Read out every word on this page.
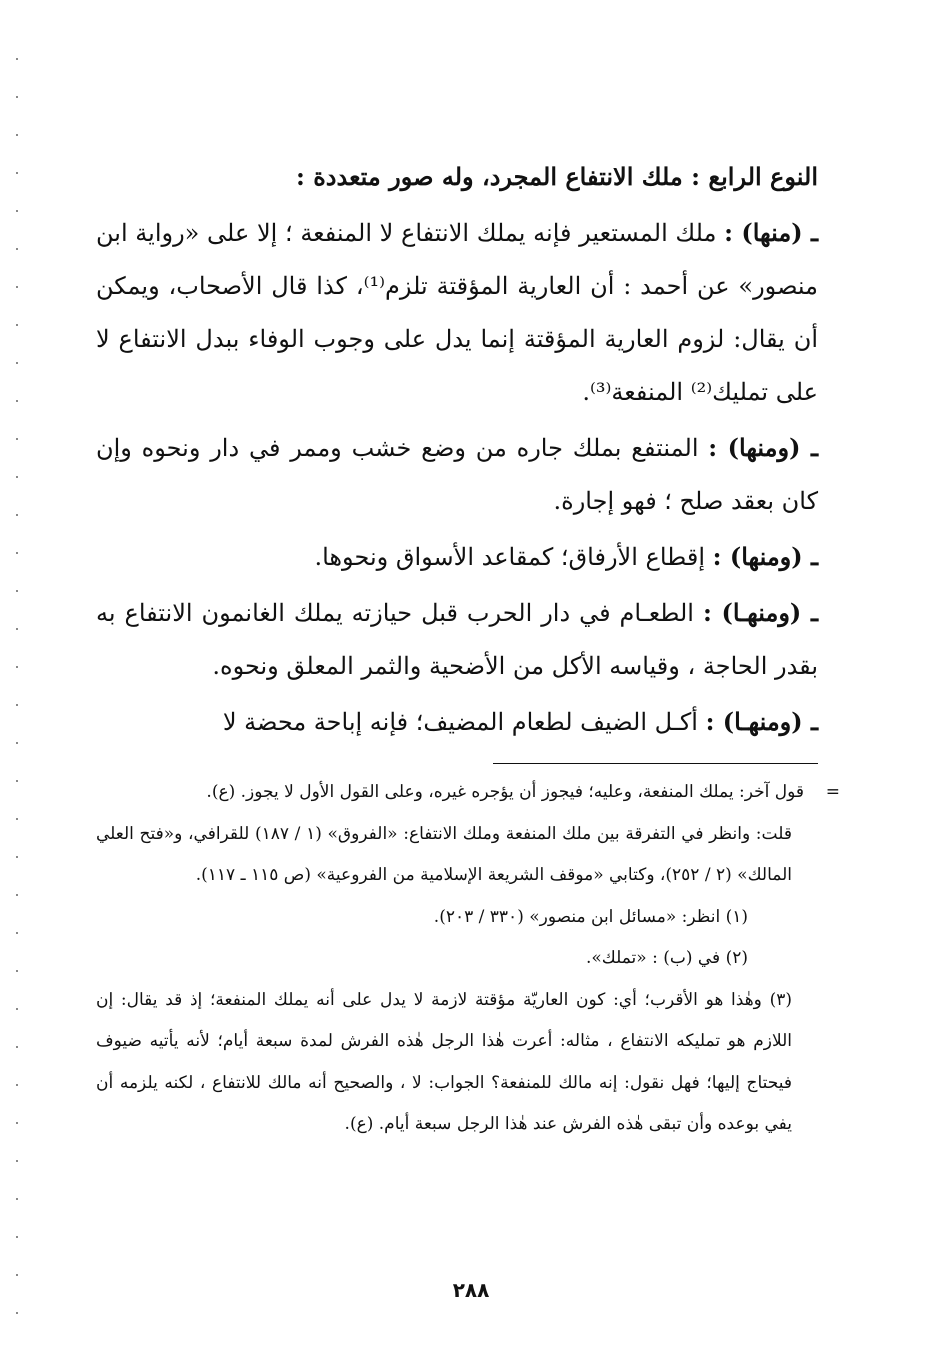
النوع الرابع : ملك الانتفاع المجرد، وله صور متعددة :

ـ (منها) : ملك المستعير فإنه يملك الانتفاع لا المنفعة ؛ إلا على «رواية ابن منصور» عن أحمد : أن العارية المؤقتة تلزم⁽¹⁾، كذا قال الأصحاب، ويمكن أن يقال: لزوم العارية المؤقتة إنما يدل على وجوب الوفاء ببدل الانتفاع لا على تمليك⁽²⁾ المنفعة⁽³⁾.

ـ (ومنها) : المنتفع بملك جاره من وضع خشب وممر في دار ونحوه وإن كان بعقد صلح ؛ فهو إجارة.

ـ (ومنها) : إقطاع الأرفاق؛ كمقاعد الأسواق ونحوها.

ـ (ومنهـا) : الطعـام في دار الحرب قبل حيازته يملك الغانمون الانتفاع به بقدر الحاجة ، وقياسه الأكل من الأضحية والثمر المعلق ونحوه.

ـ (ومنهـا) : أكـل الضيف لطعام المضيف؛ فإنه إباحة محضة لا

=
قول آخر: يملك المنفعة، وعليه؛ فيجوز أن يؤجره غيره، وعلى القول الأول لا يجوز. (ع).

قلت: وانظر في التفرقة بين ملك المنفعة وملك الانتفاع: «الفروق» (١ / ١٨٧) للقرافي، و«فتح العلي المالك» (٢ / ٢٥٢)، وكتابي «موقف الشريعة الإسلامية من الفروعية» (ص ١١٥ ـ ١١٧).

(١) انظر: «مسائل ابن منصور» (٣٣٠ / ٢٠٣).

(٢) في (ب) : «تملك».

(٣) وهٰذا هو الأقرب؛ أي: كون العاريّة مؤقتة لازمة لا يدل على أنه يملك المنفعة؛ إذ قد يقال: إن اللازم هو تمليكه الانتفاع ، مثاله: أعرت هٰذا الرجل هٰذه الفرش لمدة سبعة أيام؛ لأنه يأتيه ضيوف فيحتاج إليها؛ فهل نقول: إنه مالك للمنفعة؟ الجواب: لا ، والصحيح أنه مالك للانتفاع ، لكنه يلزمه أن يفي بوعده وأن تبقى هٰذه الفرش عند هٰذا الرجل سبعة أيام. (ع).

٢٨٨
